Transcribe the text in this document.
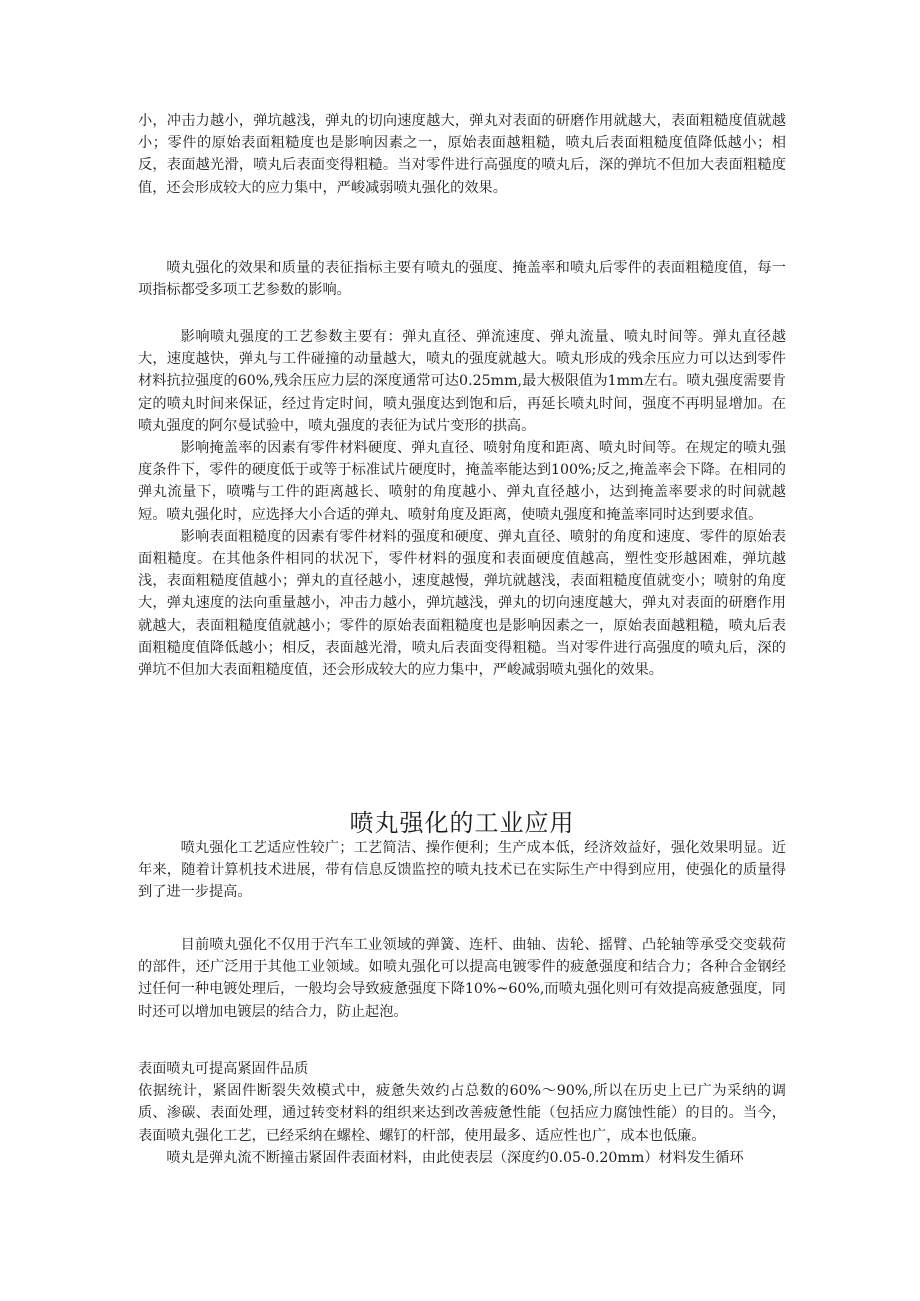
小，冲击力越小，弹坑越浅，弹丸的切向速度越大，弹丸对表面的研磨作用就越大，表面粗糙度值就越小；零件的原始表面粗糙度也是影响因素之一，原始表面越粗糙，喷丸后表面粗糙度值降低越小；相反，表面越光滑，喷丸后表面变得粗糙。当对零件进行高强度的喷丸后，深的弹坑不但加大表面粗糙度值，还会形成较大的应力集中，严峻减弱喷丸强化的效果。

喷丸强化的效果和质量的表征指标主要有喷丸的强度、掩盖率和喷丸后零件的表面粗糙度值，每一项指标都受多项工艺参数的影响。

影响喷丸强度的工艺参数主要有：弹丸直径、弹流速度、弹丸流量、喷丸时间等。弹丸直径越大，速度越快，弹丸与工件碰撞的动量越大，喷丸的强度就越大。喷丸形成的残余压应力可以达到零件材料抗拉强度的60%,残余压应力层的深度通常可达0.25mm,最大极限值为1mm左右。喷丸强度需要肯定的喷丸时间来保证，经过肯定时间，喷丸强度达到饱和后，再延长喷丸时间，强度不再明显增加。在喷丸强度的阿尔曼试验中，喷丸强度的表征为试片变形的拱高。

影响掩盖率的因素有零件材料硬度、弹丸直径、喷射角度和距离、喷丸时间等。在规定的喷丸强度条件下，零件的硬度低于或等于标准试片硬度时，掩盖率能达到100%;反之,掩盖率会下降。在相同的弹丸流量下，喷嘴与工件的距离越长、喷射的角度越小、弹丸直径越小，达到掩盖率要求的时间就越短。喷丸强化时，应选择大小合适的弹丸、喷射角度及距离，使喷丸强度和掩盖率同时达到要求值。

影响表面粗糙度的因素有零件材料的强度和硬度、弹丸直径、喷射的角度和速度、零件的原始表面粗糙度。在其他条件相同的状况下，零件材料的强度和表面硬度值越高，塑性变形越困难，弹坑越浅，表面粗糙度值越小；弹丸的直径越小，速度越慢，弹坑就越浅，表面粗糙度值就变小；喷射的角度大，弹丸速度的法向重量越小，冲击力越小，弹坑越浅，弹丸的切向速度越大，弹丸对表面的研磨作用就越大，表面粗糙度值就越小；零件的原始表面粗糙度也是影响因素之一，原始表面越粗糙，喷丸后表面粗糙度值降低越小；相反，表面越光滑，喷丸后表面变得粗糙。当对零件进行高强度的喷丸后，深的弹坑不但加大表面粗糙度值，还会形成较大的应力集中，严峻减弱喷丸强化的效果。

喷丸强化的工业应用

喷丸强化工艺适应性较广；工艺简洁、操作便利；生产成本低，经济效益好，强化效果明显。近年来，随着计算机技术进展，带有信息反馈监控的喷丸技术已在实际生产中得到应用，使强化的质量得到了进一步提高。

目前喷丸强化不仅用于汽车工业领域的弹簧、连杆、曲轴、齿轮、摇臂、凸轮轴等承受交变载荷的部件，还广泛用于其他工业领域。如喷丸强化可以提高电镀零件的疲惫强度和结合力；各种合金钢经过任何一种电镀处理后，一般均会导致疲惫强度下降10%~60%,而喷丸强化则可有效提高疲惫强度，同时还可以增加电镀层的结合力，防止起泡。

表面喷丸可提高紧固件品质

依据统计，紧固件断裂失效模式中，疲惫失效约占总数的60%～90%,所以在历史上已广为采纳的调质、渗碳、表面处理，通过转变材料的组织来达到改善疲惫性能（包括应力腐蚀性能）的目的。当今，表面喷丸强化工艺，已经采纳在螺栓、螺钉的杆部，使用最多、适应性也广，成本也低廉。

喷丸是弹丸流不断撞击紧固件表面材料，由此使表层（深度约0.05-0.20mm）材料发生循环
